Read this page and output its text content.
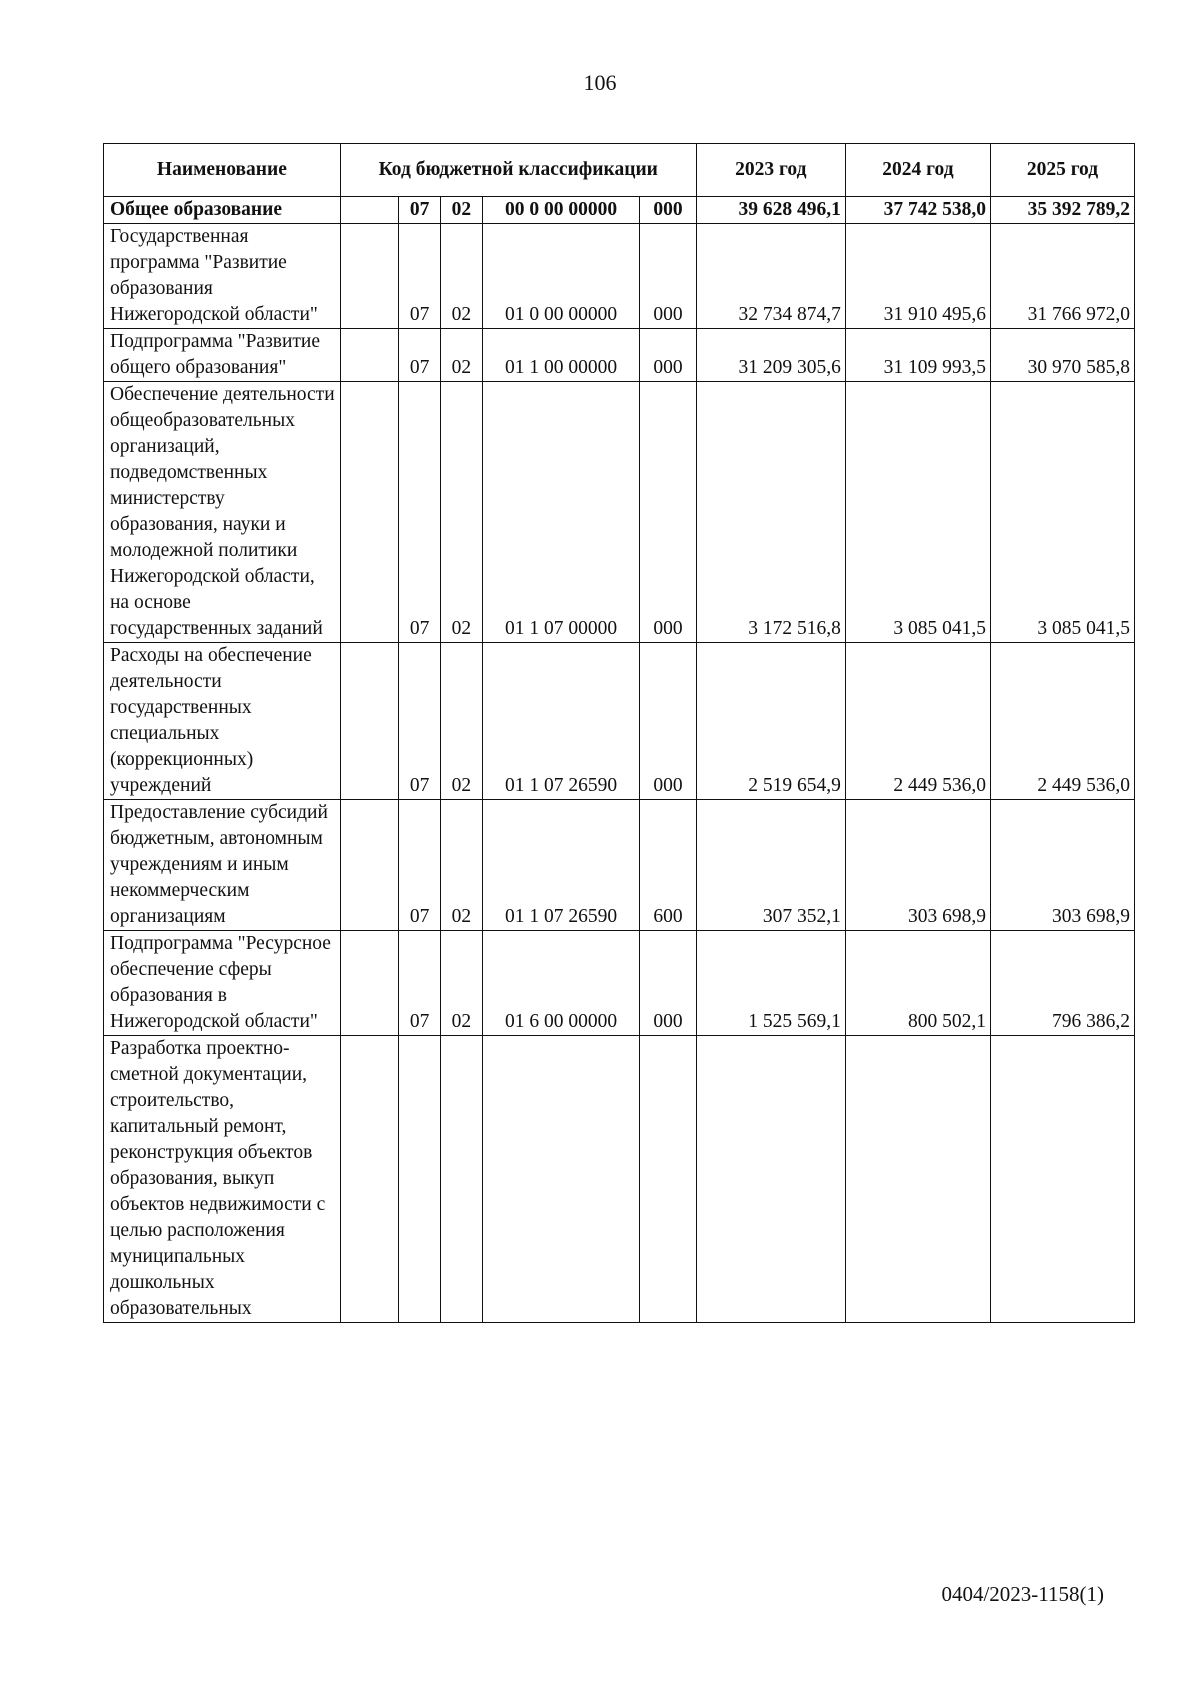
106
Наименование	Код бюджетной классификации					2023 год	2024 год	2025 год
Общее образование		07	02	00 0 00 00000	000	39 628 496,1	37 742 538,0	35 392 789,2
Государственная программа "Развитие образования Нижегородской области"		07	02	01 0 00 00000	000	32 734 874,7	31 910 495,6	31 766 972,0
Подпрограмма "Развитие общего образования"		07	02	01 1 00 00000	000	31 209 305,6	31 109 993,5	30 970 585,8
Обеспечение деятельности общеобразовательных организаций, подведомственных министерству образования, науки и молодежной политики Нижегородской области, на основе государственных заданий		07	02	01 1 07 00000	000	3 172 516,8	3 085 041,5	3 085 041,5
Расходы на обеспечение деятельности государственных специальных (коррекционных) учреждений		07	02	01 1 07 26590	000	2 519 654,9	2 449 536,0	2 449 536,0
Предоставление субсидий бюджетным, автономным учреждениям и иным некоммерческим организациям		07	02	01 1 07 26590	600	307 352,1	303 698,9	303 698,9
Подпрограмма "Ресурсное обеспечение сферы образования в Нижегородской области"		07	02	01 6 00 00000	000	1 525 569,1	800 502,1	796 386,2
Разработка проектно-сметной документации, строительство, капитальный ремонт, реконструкция объектов образования, выкуп объектов недвижимости с целью расположения муниципальных дошкольных образовательных								
0404/2023-1158(1)
